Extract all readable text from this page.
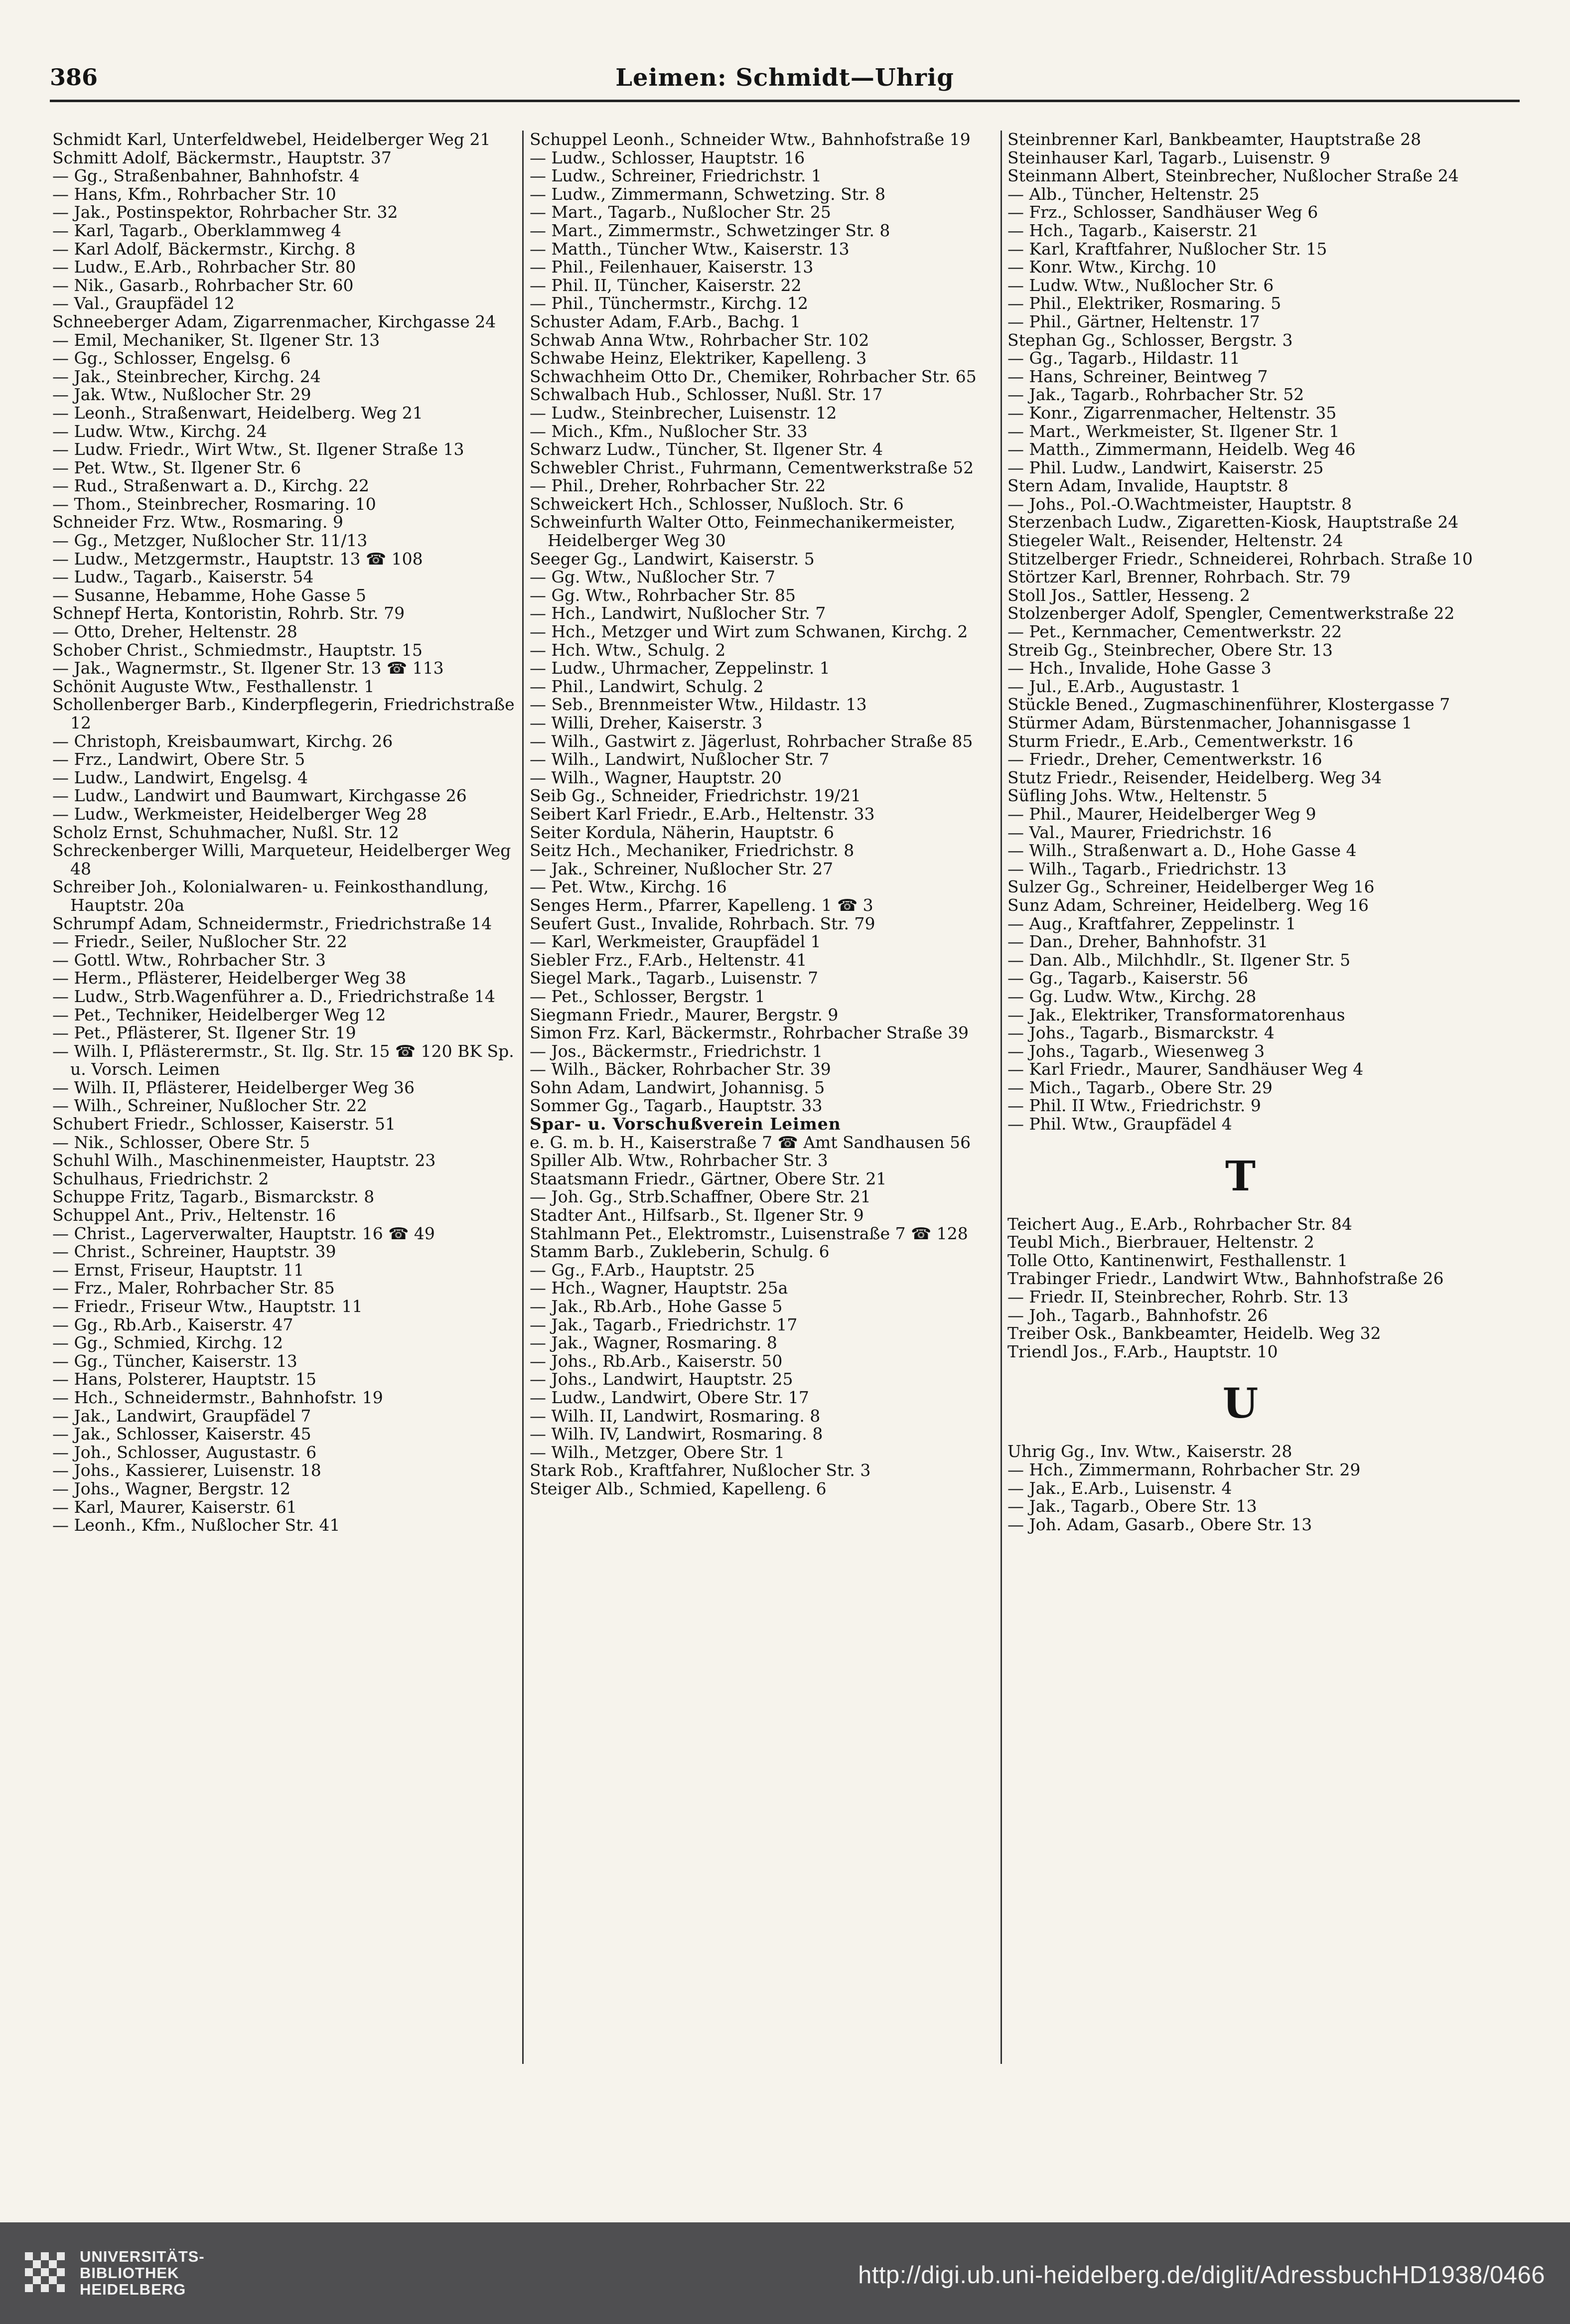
386	Leimen: Schmidt—Uhrig
Schmidt Karl, Unterfeldwebel, Heidelberger Weg 21
Schmitt Adolf, Bäckermstr., Hauptstr. 37
— Gg., Straßenbahner, Bahnhofstr. 4
— Hans, Kfm., Rohrbacher Str. 10
— Jak., Postinspektor, Rohrbacher Str. 32
— Karl, Tagarb., Oberklammweg 4
— Karl Adolf, Bäckermstr., Kirchg. 8
— Ludw., E.Arb., Rohrbacher Str. 80
— Nik., Gasarb., Rohrbacher Str. 60
— Val., Graupfädel 12
Schneeberger Adam, Zigarrenmacher, Kirchgasse 24
— Emil, Mechaniker, St. Ilgener Str. 13
— Gg., Schlosser, Engelsg. 6
— Jak., Steinbrecher, Kirchg. 24
— Jak. Wtw., Nußlocher Str. 29
— Leonh., Straßenwart, Heidelberg. Weg 21
— Ludw. Wtw., Kirchg. 24
— Ludw. Friedr., Wirt Wtw., St. Ilgener Straße 13
— Pet. Wtw., St. Ilgener Str. 6
— Rud., Straßenwart a. D., Kirchg. 22
— Thom., Steinbrecher, Rosmaring. 10
Schneider Frz. Wtw., Rosmaring. 9
— Gg., Metzger, Nußlocher Str. 11/13
— Ludw., Metzgermstr., Hauptstr. 13 ☎ 108
— Ludw., Tagarb., Kaiserstr. 54
— Susanne, Hebamme, Hohe Gasse 5
Schnepf Herta, Kontoristin, Rohrb. Str. 79
— Otto, Dreher, Heltenstr. 28
Schober Christ., Schmiedmstr., Hauptstr. 15
— Jak., Wagnermstr., St. Ilgener Str. 13 ☎ 113
Schönit Auguste Wtw., Festhallenstr. 1
Schollenberger Barb., Kinderpflegerin, Friedrichstraße 12
— Christoph, Kreisbaumwart, Kirchg. 26
— Frz., Landwirt, Obere Str. 5
— Ludw., Landwirt, Engelsg. 4
— Ludw., Landwirt und Baumwart, Kirchgasse 26
— Ludw., Werkmeister, Heidelberger Weg 28
Scholz Ernst, Schuhmacher, Nußl. Str. 12
Schreckenberger Willi, Marqueteur, Heidelberger Weg 48
Schreiber Joh., Kolonialwaren- u. Feinkosthandlung, Hauptstr. 20a
Schrumpf Adam, Schneidermstr., Friedrichstraße 14
— Friedr., Seiler, Nußlocher Str. 22
— Gottl. Wtw., Rohrbacher Str. 3
— Herm., Pflästerer, Heidelberger Weg 38
— Ludw., Strb.Wagenführer a. D., Friedrichstraße 14
— Pet., Techniker, Heidelberger Weg 12
— Pet., Pflästerer, St. Ilgener Str. 19
— Wilh. I, Pflästerermstr., St. Ilg. Str. 15 ☎ 120 BK Sp. u. Vorsch. Leimen
— Wilh. II, Pflästerer, Heidelberger Weg 36
— Wilh., Schreiner, Nußlocher Str. 22
Schubert Friedr., Schlosser, Kaiserstr. 51
— Nik., Schlosser, Obere Str. 5
Schuhl Wilh., Maschinenmeister, Hauptstr. 23
Schulhaus, Friedrichstr. 2
Schuppe Fritz, Tagarb., Bismarckstr. 8
Schuppel Ant., Priv., Heltenstr. 16
— Christ., Lagerverwalter, Hauptstr. 16 ☎ 49
— Christ., Schreiner, Hauptstr. 39
— Ernst, Friseur, Hauptstr. 11
— Frz., Maler, Rohrbacher Str. 85
— Friedr., Friseur Wtw., Hauptstr. 11
— Gg., Rb.Arb., Kaiserstr. 47
— Gg., Schmied, Kirchg. 12
— Gg., Tüncher, Kaiserstr. 13
— Hans, Polsterer, Hauptstr. 15
— Hch., Schneidermstr., Bahnhofstr. 19
— Jak., Landwirt, Graupfädel 7
— Jak., Schlosser, Kaiserstr. 45
— Joh., Schlosser, Augustastr. 6
— Johs., Kassierer, Luisenstr. 18
— Johs., Wagner, Bergstr. 12
— Karl, Maurer, Kaiserstr. 61
— Leonh., Kfm., Nußlocher Str. 41
Schuppel Leonh., Schneider Wtw., Bahnhofstraße 19
— Ludw., Schlosser, Hauptstr. 16
— Ludw., Schreiner, Friedrichstr. 1
— Ludw., Zimmermann, Schwetzing. Str. 8
— Mart., Tagarb., Nußlocher Str. 25
— Mart., Zimmermstr., Schwetzinger Str. 8
— Matth., Tüncher Wtw., Kaiserstr. 13
— Phil., Feilenhauer, Kaiserstr. 13
— Phil. II, Tüncher, Kaiserstr. 22
— Phil., Tünchermstr., Kirchg. 12
Schuster Adam, F.Arb., Bachg. 1
Schwab Anna Wtw., Rohrbacher Str. 102
Schwabe Heinz, Elektriker, Kapelleng. 3
Schwachheim Otto Dr., Chemiker, Rohrbacher Str. 65
Schwalbach Hub., Schlosser, Nußl. Str. 17
— Ludw., Steinbrecher, Luisenstr. 12
— Mich., Kfm., Nußlocher Str. 33
Schwarz Ludw., Tüncher, St. Ilgener Str. 4
Schwebler Christ., Fuhrmann, Cementwerkstraße 52
— Phil., Dreher, Rohrbacher Str. 22
Schweickert Hch., Schlosser, Nußloch. Str. 6
Schweinfurth Walter Otto, Feinmechanikermeister, Heidelberger Weg 30
Seeger Gg., Landwirt, Kaiserstr. 5
— Gg. Wtw., Nußlocher Str. 7
— Gg. Wtw., Rohrbacher Str. 85
— Hch., Landwirt, Nußlocher Str. 7
— Hch., Metzger und Wirt zum Schwanen, Kirchg. 2
— Hch. Wtw., Schulg. 2
— Ludw., Uhrmacher, Zeppelinstr. 1
— Phil., Landwirt, Schulg. 2
— Seb., Brennmeister Wtw., Hildastr. 13
— Willi, Dreher, Kaiserstr. 3
— Wilh., Gastwirt z. Jägerlust, Rohrbacher Straße 85
— Wilh., Landwirt, Nußlocher Str. 7
— Wilh., Wagner, Hauptstr. 20
Seib Gg., Schneider, Friedrichstr. 19/21
Seibert Karl Friedr., E.Arb., Heltenstr. 33
Seiter Kordula, Näherin, Hauptstr. 6
Seitz Hch., Mechaniker, Friedrichstr. 8
— Jak., Schreiner, Nußlocher Str. 27
— Pet. Wtw., Kirchg. 16
Senges Herm., Pfarrer, Kapelleng. 1 ☎ 3
Seufert Gust., Invalide, Rohrbach. Str. 79
— Karl, Werkmeister, Graupfädel 1
Siebler Frz., F.Arb., Heltenstr. 41
Siegel Mark., Tagarb., Luisenstr. 7
— Pet., Schlosser, Bergstr. 1
Siegmann Friedr., Maurer, Bergstr. 9
Simon Frz. Karl, Bäckermstr., Rohrbacher Straße 39
— Jos., Bäckermstr., Friedrichstr. 1
— Wilh., Bäcker, Rohrbacher Str. 39
Sohn Adam, Landwirt, Johannisg. 5
Sommer Gg., Tagarb., Hauptstr. 33
Spar- u. Vorschußverein Leimen
e. G. m. b. H., Kaiserstraße 7 ☎ Amt Sandhausen 56
Spiller Alb. Wtw., Rohrbacher Str. 3
Staatsmann Friedr., Gärtner, Obere Str. 21
— Joh. Gg., Strb.Schaffner, Obere Str. 21
Stadter Ant., Hilfsarb., St. Ilgener Str. 9
Stahlmann Pet., Elektromstr., Luisenstraße 7 ☎ 128
Stamm Barb., Zukleberin, Schulg. 6
— Gg., F.Arb., Hauptstr. 25
— Hch., Wagner, Hauptstr. 25a
— Jak., Rb.Arb., Hohe Gasse 5
— Jak., Tagarb., Friedrichstr. 17
— Jak., Wagner, Rosmaring. 8
— Johs., Rb.Arb., Kaiserstr. 50
— Johs., Landwirt, Hauptstr. 25
— Ludw., Landwirt, Obere Str. 17
— Wilh. II, Landwirt, Rosmaring. 8
— Wilh. IV, Landwirt, Rosmaring. 8
— Wilh., Metzger, Obere Str. 1
Stark Rob., Kraftfahrer, Nußlocher Str. 3
Steiger Alb., Schmied, Kapelleng. 6
Steinbrenner Karl, Bankbeamter, Hauptstraße 28
Steinhauser Karl, Tagarb., Luisenstr. 9
Steinmann Albert, Steinbrecher, Nußlocher Straße 24
— Alb., Tüncher, Heltenstr. 25
— Frz., Schlosser, Sandhäuser Weg 6
— Hch., Tagarb., Kaiserstr. 21
— Karl, Kraftfahrer, Nußlocher Str. 15
— Konr. Wtw., Kirchg. 10
— Ludw. Wtw., Nußlocher Str. 6
— Phil., Elektriker, Rosmaring. 5
— Phil., Gärtner, Heltenstr. 17
Stephan Gg., Schlosser, Bergstr. 3
— Gg., Tagarb., Hildastr. 11
— Hans, Schreiner, Beintweg 7
— Jak., Tagarb., Rohrbacher Str. 52
— Konr., Zigarrenmacher, Heltenstr. 35
— Mart., Werkmeister, St. Ilgener Str. 1
— Matth., Zimmermann, Heidelb. Weg 46
— Phil. Ludw., Landwirt, Kaiserstr. 25
Stern Adam, Invalide, Hauptstr. 8
— Johs., Pol.-O.Wachtmeister, Hauptstr. 8
Sterzenbach Ludw., Zigaretten-Kiosk, Hauptstraße 24
Stiegeler Walt., Reisender, Heltenstr. 24
Stitzelberger Friedr., Schneiderei, Rohrbach. Straße 10
Störtzer Karl, Brenner, Rohrbach. Str. 79
Stoll Jos., Sattler, Hesseng. 2
Stolzenberger Adolf, Spengler, Cementwerkstraße 22
— Pet., Kernmacher, Cementwerkstr. 22
Streib Gg., Steinbrecher, Obere Str. 13
— Hch., Invalide, Hohe Gasse 3
— Jul., E.Arb., Augustastr. 1
Stückle Bened., Zugmaschinenführer, Klostergasse 7
Stürmer Adam, Bürstenmacher, Johannisgasse 1
Sturm Friedr., E.Arb., Cementwerkstr. 16
— Friedr., Dreher, Cementwerkstr. 16
Stutz Friedr., Reisender, Heidelberg. Weg 34
Süfling Johs. Wtw., Heltenstr. 5
— Phil., Maurer, Heidelberger Weg 9
— Val., Maurer, Friedrichstr. 16
— Wilh., Straßenwart a. D., Hohe Gasse 4
— Wilh., Tagarb., Friedrichstr. 13
Sulzer Gg., Schreiner, Heidelberger Weg 16
Sunz Adam, Schreiner, Heidelberg. Weg 16
— Aug., Kraftfahrer, Zeppelinstr. 1
— Dan., Dreher, Bahnhofstr. 31
— Dan. Alb., Milchhdlr., St. Ilgener Str. 5
— Gg., Tagarb., Kaiserstr. 56
— Gg. Ludw. Wtw., Kirchg. 28
— Jak., Elektriker, Transformatorenhaus
— Johs., Tagarb., Bismarckstr. 4
— Johs., Tagarb., Wiesenweg 3
— Karl Friedr., Maurer, Sandhäuser Weg 4
— Mich., Tagarb., Obere Str. 29
— Phil. II Wtw., Friedrichstr. 9
— Phil. Wtw., Graupfädel 4
T
Teichert Aug., E.Arb., Rohrbacher Str. 84
Teubl Mich., Bierbrauer, Heltenstr. 2
Tolle Otto, Kantinenwirt, Festhallenstr. 1
Trabinger Friedr., Landwirt Wtw., Bahnhofstraße 26
— Friedr. II, Steinbrecher, Rohrb. Str. 13
— Joh., Tagarb., Bahnhofstr. 26
Treiber Osk., Bankbeamter, Heidelb. Weg 32
Triendl Jos., F.Arb., Hauptstr. 10
U
Uhrig Gg., Inv. Wtw., Kaiserstr. 28
— Hch., Zimmermann, Rohrbacher Str. 29
— Jak., E.Arb., Luisenstr. 4
— Jak., Tagarb., Obere Str. 13
— Joh. Adam, Gasarb., Obere Str. 13
UNIVERSITÄTS-
BIBLIOTHEK
HEIDELBERG
http://digi.ub.uni-heidelberg.de/diglit/AdressbuchHD1938/0466
